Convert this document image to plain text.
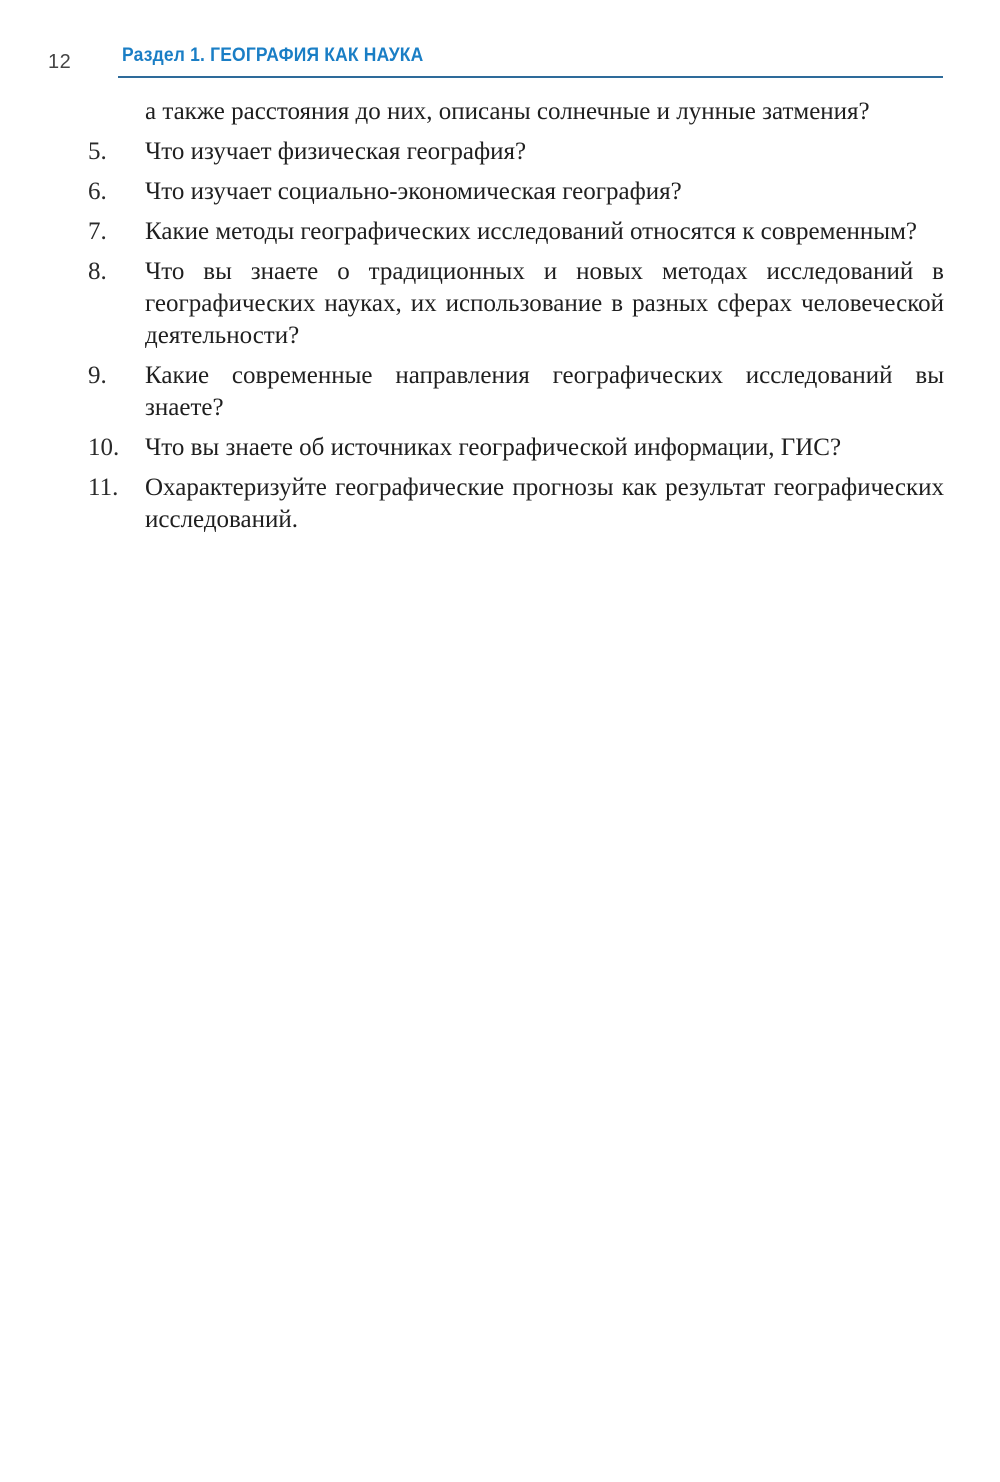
12	Раздел 1. ГЕОГРАФИЯ КАК НАУКА

а также расстояния до них, описаны солнечные и лунные затмения?

5.	Что изучает физическая география?
6.	Что изучает социально-экономическая география?
7.	Какие методы географических исследований относятся к современным?
8.	Что вы знаете о традиционных и новых методах исследований в географических науках, их использование в разных сферах человеческой деятельности?
9.	Какие современные направления географических исследований вы знаете?
10.	Что вы знаете об источниках географической информации, ГИС?
11.	Охарактеризуйте географические прогнозы как результат географических исследований.
